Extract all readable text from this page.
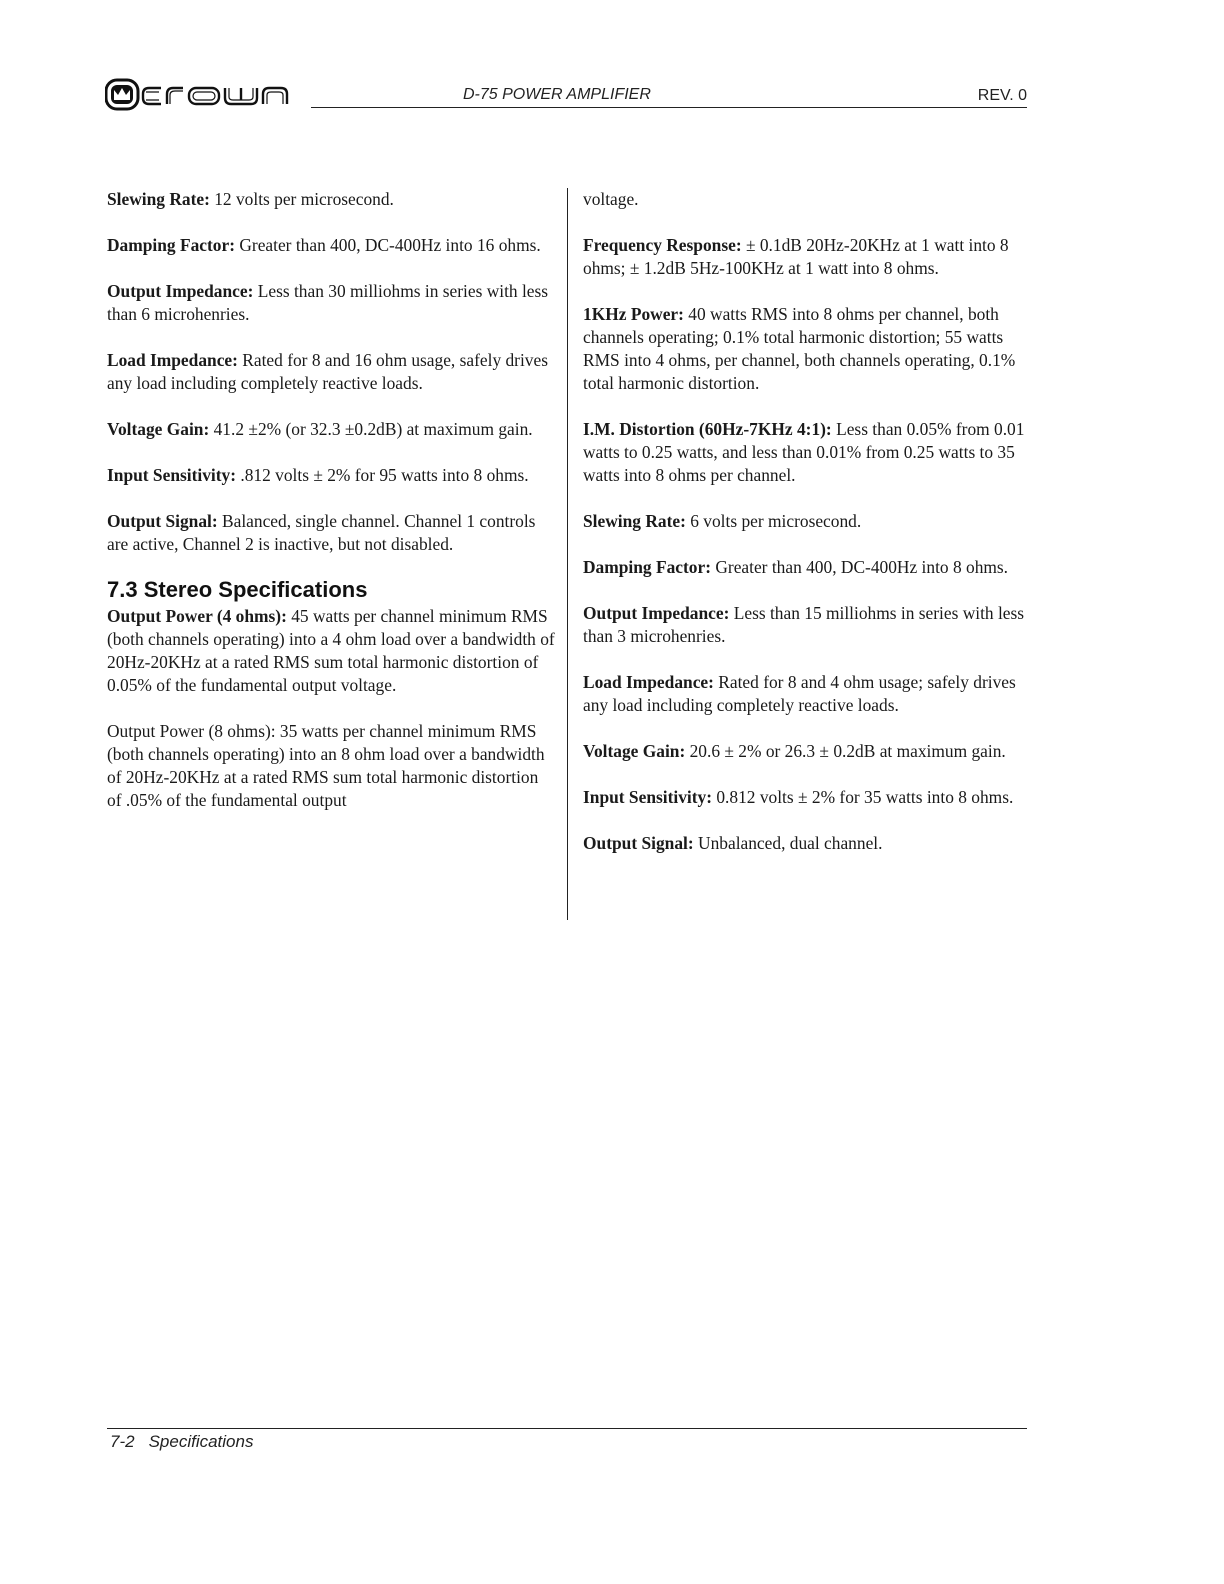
D-75 POWER AMPLIFIER	REV. 0

Slewing Rate: 12 volts per microsecond.

Damping Factor: Greater than 400, DC-400Hz into 16 ohms.

Output Impedance: Less than 30 milliohms in series with less than 6 microhenries.

Load Impedance: Rated for 8 and 16 ohm usage, safely drives any load including completely reactive loads.

Voltage Gain: 41.2 ±2% (or 32.3 ±0.2dB) at maximum gain.

Input Sensitivity: .812 volts ± 2% for 95 watts into 8 ohms.

Output Signal: Balanced, single channel. Channel 1 controls are active, Channel 2 is inactive, but not disabled.

7.3 Stereo Specifications

Output Power (4 ohms): 45 watts per channel minimum RMS (both channels operating) into a 4 ohm load over a bandwidth of 20Hz-20KHz at a rated RMS sum total harmonic distortion of 0.05% of the fundamental output voltage.

Output Power (8 ohms): 35 watts per channel minimum RMS (both channels operating) into an 8 ohm load over a bandwidth of 20Hz-20KHz at a rated RMS sum total harmonic distortion of .05% of the fundamental output

voltage.

Frequency Response: ± 0.1dB 20Hz-20KHz at 1 watt into 8 ohms; ± 1.2dB 5Hz-100KHz at 1 watt into 8 ohms.

1KHz Power: 40 watts RMS into 8 ohms per channel, both channels operating; 0.1% total harmonic distortion; 55 watts RMS into 4 ohms, per channel, both channels operating, 0.1% total harmonic distortion.

I.M. Distortion (60Hz-7KHz 4:1): Less than 0.05% from 0.01 watts to 0.25 watts, and less than 0.01% from 0.25 watts to 35 watts into 8 ohms per channel.

Slewing Rate: 6 volts per microsecond.

Damping Factor: Greater than 400, DC-400Hz into 8 ohms.

Output Impedance: Less than 15 milliohms in series with less than 3 microhenries.

Load Impedance: Rated for 8 and 4 ohm usage; safely drives any load including completely reactive loads.

Voltage Gain: 20.6 ± 2% or 26.3 ± 0.2dB at maximum gain.

Input Sensitivity: 0.812 volts ± 2% for 35 watts into 8 ohms.

Output Signal: Unbalanced, dual channel.

7-2 Specifications
